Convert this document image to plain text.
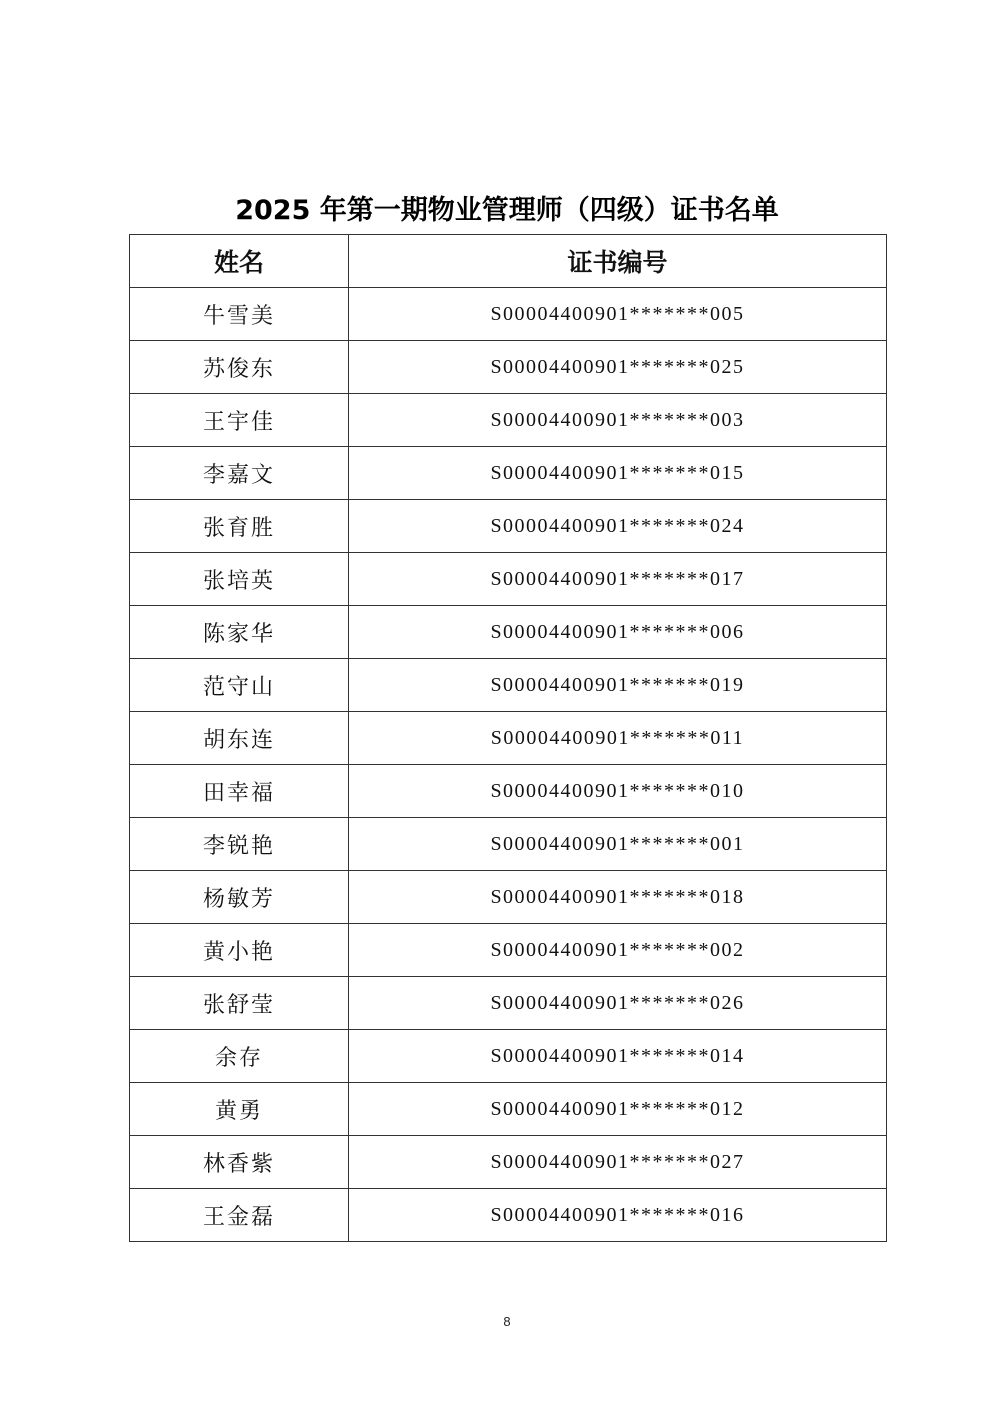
2025 年第一期物业管理师（四级）证书名单
姓名	证书编号
牛雪美	S00004400901*******005
苏俊东	S00004400901*******025
王宇佳	S00004400901*******003
李嘉文	S00004400901*******015
张育胜	S00004400901*******024
张培英	S00004400901*******017
陈家华	S00004400901*******006
范守山	S00004400901*******019
胡东连	S00004400901*******011
田幸福	S00004400901*******010
李锐艳	S00004400901*******001
杨敏芳	S00004400901*******018
黄小艳	S00004400901*******002
张舒莹	S00004400901*******026
余存	S00004400901*******014
黄勇	S00004400901*******012
林香紫	S00004400901*******027
王金磊	S00004400901*******016
8
